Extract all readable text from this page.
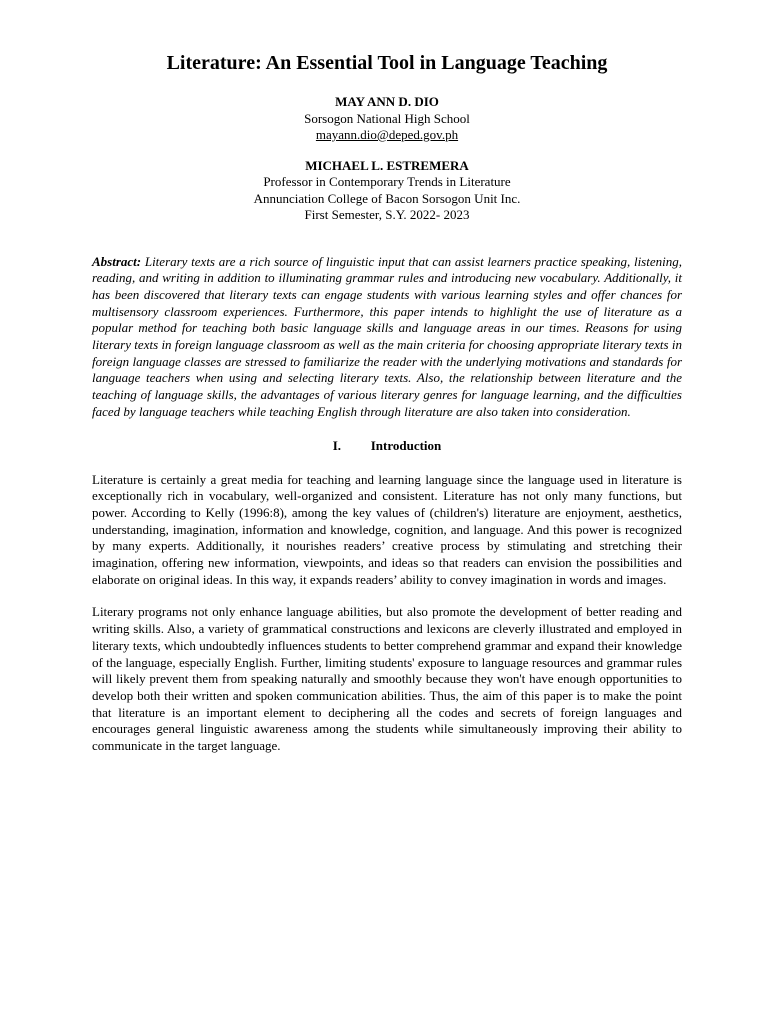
Literature: An Essential Tool in Language Teaching
MAY ANN D. DIO
Sorsogon National High School
mayann.dio@deped.gov.ph
MICHAEL L. ESTREMERA
Professor in Contemporary Trends in Literature
Annunciation College of Bacon Sorsogon Unit Inc.
First Semester, S.Y. 2022- 2023
Abstract: Literary texts are a rich source of linguistic input that can assist learners practice speaking, listening, reading, and writing in addition to illuminating grammar rules and introducing new vocabulary. Additionally, it has been discovered that literary texts can engage students with various learning styles and offer chances for multisensory classroom experiences. Furthermore, this paper intends to highlight the use of literature as a popular method for teaching both basic language skills and language areas in our times. Reasons for using literary texts in foreign language classroom as well as the main criteria for choosing appropriate literary texts in foreign language classes are stressed to familiarize the reader with the underlying motivations and standards for language teachers when using and selecting literary texts. Also, the relationship between literature and the teaching of language skills, the advantages of various literary genres for language learning, and the difficulties faced by language teachers while teaching English through literature are also taken into consideration.
I. Introduction

Literature is certainly a great media for teaching and learning language since the language used in literature is exceptionally rich in vocabulary, well-organized and consistent. Literature has not only many functions, but power. According to Kelly (1996:8), among the key values of (children's) literature are enjoyment, aesthetics, understanding, imagination, information and knowledge, cognition, and language. And this power is recognized by many experts. Additionally, it nourishes readers’ creative process by stimulating and stretching their imagination, offering new information, viewpoints, and ideas so that readers can envision the possibilities and elaborate on original ideas. In this way, it expands readers’ ability to convey imagination in words and images.

Literary programs not only enhance language abilities, but also promote the development of better reading and writing skills. Also, a variety of grammatical constructions and lexicons are cleverly illustrated and employed in literary texts, which undoubtedly influences students to better comprehend grammar and expand their knowledge of the language, especially English. Further, limiting students' exposure to language resources and grammar rules will likely prevent them from speaking naturally and smoothly because they won't have enough opportunities to develop both their written and spoken communication abilities. Thus, the aim of this paper is to make the point that literature is an important element to deciphering all the codes and secrets of foreign languages and encourages general linguistic awareness among the students while simultaneously improving their ability to communicate in the target language.
